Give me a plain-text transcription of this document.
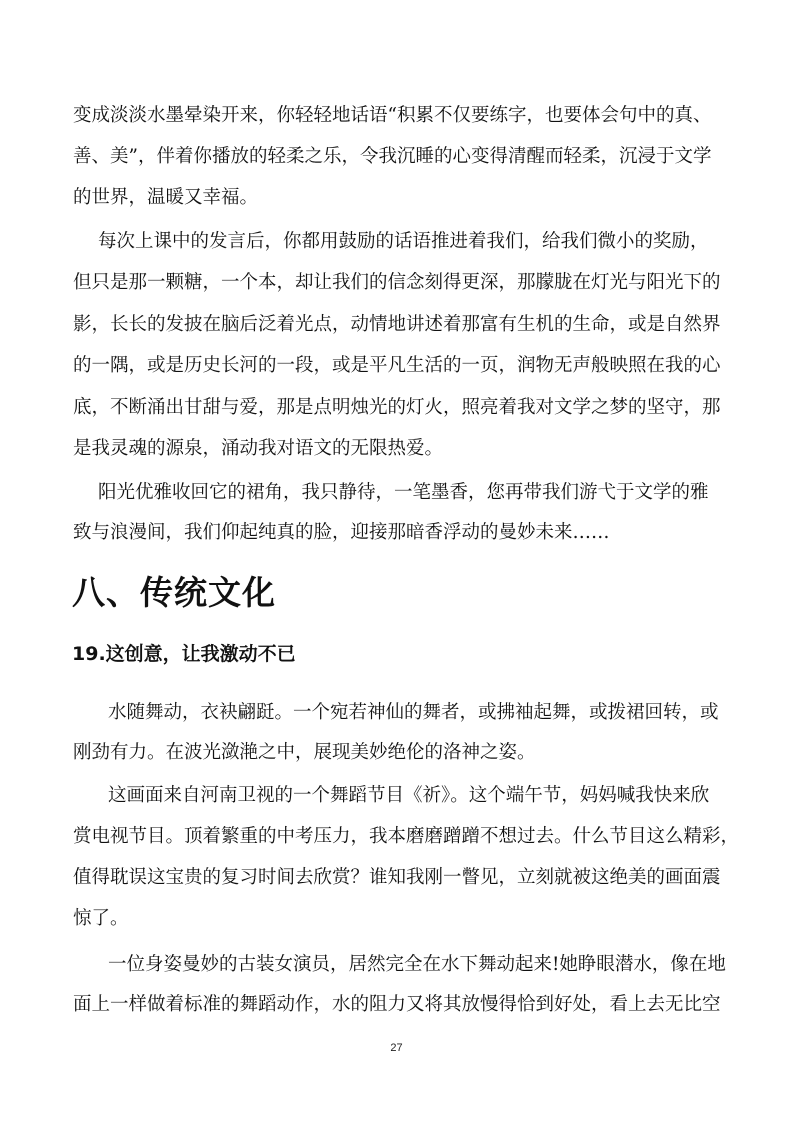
变成淡淡水墨晕染开来，你轻轻地话语“积累不仅要练字，也要体会句中的真、
善、美”，伴着你播放的轻柔之乐，令我沉睡的心变得清醒而轻柔，沉浸于文学
的世界，温暖又幸福。
每次上课中的发言后，你都用鼓励的话语推进着我们，给我们微小的奖励，
但只是那一颗糖，一个本，却让我们的信念刻得更深，那朦胧在灯光与阳光下的
影，长长的发披在脑后泛着光点，动情地讲述着那富有生机的生命，或是自然界
的一隅，或是历史长河的一段，或是平凡生活的一页，润物无声般映照在我的心
底，不断涌出甘甜与爱，那是点明烛光的灯火，照亮着我对文学之梦的坚守，那
是我灵魂的源泉，涌动我对语文的无限热爱。
阳光优雅收回它的裙角，我只静待，一笔墨香，您再带我们游弋于文学的雅
致与浪漫间，我们仰起纯真的脸，迎接那暗香浮动的曼妙未来……
八、传统文化
19.这创意，让我激动不已
水随舞动，衣袂翩跹。一个宛若神仙的舞者，或拂袖起舞，或拨裙回转，或
刚劲有力。在波光潋滟之中，展现美妙绝伦的洛神之姿。
这画面来自河南卫视的一个舞蹈节目《祈》。这个端午节，妈妈喊我快来欣
赏电视节目。顶着繁重的中考压力，我本磨磨蹭蹭不想过去。什么节目这么精彩，
值得耽误这宝贵的复习时间去欣赏？谁知我刚一瞥见，立刻就被这绝美的画面震
惊了。
一位身姿曼妙的古装女演员，居然完全在水下舞动起来!她睁眼潜水，像在地
面上一样做着标准的舞蹈动作，水的阻力又将其放慢得恰到好处，看上去无比空
27
